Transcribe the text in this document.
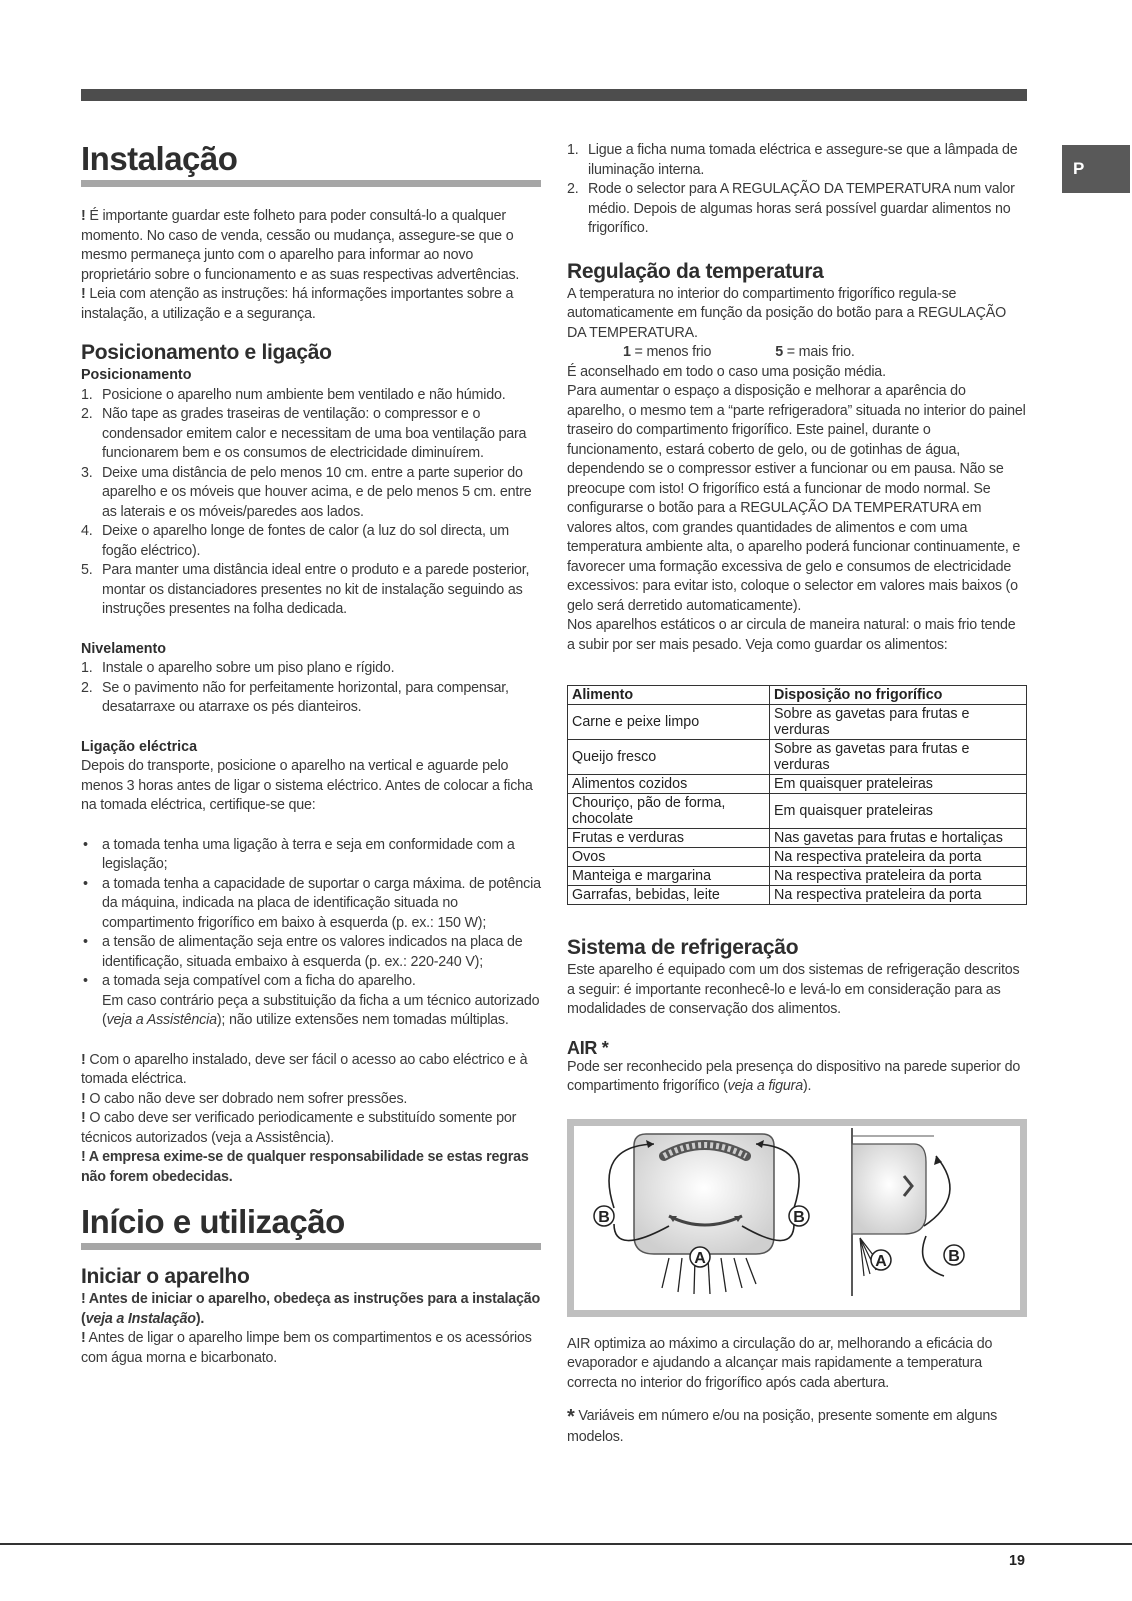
P
Instalação

! É importante guardar este folheto para poder consultá-lo a qualquer momento. No caso de venda, cessão ou mudança, assegure-se que o mesmo permaneça junto com o aparelho para informar ao novo proprietário sobre o funcionamento e as suas respectivas advertências.

! Leia com atenção as instruções: há informações importantes sobre a instalação, a utilização e a segurança.

Posicionamento e ligação
Posicionamento
1. Posicione o aparelho num ambiente bem ventilado e não húmido.
2. Não tape as grades traseiras de ventilação: o compressor e o condensador emitem calor e necessitam de uma boa ventilação para funcionarem bem e os consumos de electricidade diminuírem.
3. Deixe uma distância de pelo menos 10 cm. entre a parte superior do aparelho e os móveis que houver acima, e de pelo menos 5 cm. entre as laterais e os móveis/paredes aos lados.
4. Deixe o aparelho longe de fontes de calor (a luz do sol directa, um fogão eléctrico).
5. Para manter uma distância ideal entre o produto e a parede posterior, montar os distanciadores presentes no kit de instalação seguindo as instruções presentes na folha dedicada.
Nivelamento
1. Instale o aparelho sobre um piso plano e rígido.
2. Se o pavimento não for perfeitamente horizontal, para compensar, desatarraxe ou atarraxe os pés dianteiros.
Ligação eléctrica

Depois do transporte, posicione o aparelho na vertical e aguarde pelo menos 3 horas antes de ligar o sistema eléctrico. Antes de colocar a ficha na tomada eléctrica, certifique-se que:

• a tomada tenha uma ligação à terra e seja em conformidade com a legislação;
• a tomada tenha a capacidade de suportar o carga máxima. de potência da máquina, indicada na placa de identificação situada no compartimento frigorífico em baixo à esquerda (p. ex.: 150 W);
• a tensão de alimentação seja entre os valores indicados na placa de identificação, situada embaixo à esquerda (p. ex.: 220-240 V);
• a tomada seja compatível com a ficha do aparelho.
Em caso contrário peça a substituição da ficha a um técnico autorizado (veja a Assistência); não utilize extensões nem tomadas múltiplas.

! Com o aparelho instalado, deve ser fácil o acesso ao cabo eléctrico e à tomada eléctrica.

! O cabo não deve ser dobrado nem sofrer pressões.

! O cabo deve ser verificado periodicamente e substituído somente por técnicos autorizados (veja a Assistência).

! A empresa exime-se de qualquer responsabilidade se estas regras não forem obedecidas.

Início e utilização
Iniciar o aparelho

! Antes de iniciar o aparelho, obedeça as instruções para a instalação (veja a Instalação).

! Antes de ligar o aparelho limpe bem os compartimentos e os acessórios com água morna e bicarbonato.

1. Ligue a ficha numa tomada eléctrica e assegure-se que a lâmpada de iluminação interna.
2. Rode o selector para A REGULAÇÃO DA TEMPERATURA num valor médio. Depois de algumas horas será possível guardar alimentos no frigorífico.
Regulação da temperatura

A temperatura no interior do compartimento frigorífico regula-se automaticamente em função da posição do botão para a REGULAÇÃO DA TEMPERATURA.

1 = menos frio	5 = mais frio.

É aconselhado em todo o caso uma posição média.

Para aumentar o espaço a disposição e melhorar a aparência do aparelho, o mesmo tem a “parte refrigeradora” situada no interior do painel traseiro do compartimento frigorífico. Este painel, durante o funcionamento, estará coberto de gelo, ou de gotinhas de água, dependendo se o compressor estiver a funcionar ou em pausa. Não se preocupe com isto! O frigorífico está a funcionar de modo normal. Se configurarse o botão para a REGULAÇÃO DA TEMPERATURA em valores altos, com grandes quantidades de alimentos e com uma temperatura ambiente alta, o aparelho poderá funcionar continuamente, e favorecer uma formação excessiva de gelo e consumos de electricidade excessivos: para evitar isto, coloque o selector em valores mais baixos (o gelo será derretido automaticamente).

Nos aparelhos estáticos o ar circula de maneira natural: o mais frio tende a subir por ser mais pesado. Veja como guardar os alimentos:

Alimento	Disposição no frigorífico
Carne e peixe limpo	Sobre as gavetas para frutas e verduras
Queijo fresco	Sobre as gavetas para frutas e verduras
Alimentos cozidos	Em quaisquer prateleiras
Chouriço, pão de forma, chocolate	Em quaisquer prateleiras
Frutas e verduras	Nas gavetas para frutas e hortaliças
Ovos	Na respectiva prateleira da porta
Manteiga e margarina	Na respectiva prateleira da porta
Garrafas, bebidas, leite	Na respectiva prateleira da porta
Sistema de refrigeração

Este aparelho é equipado com um dos sistemas de refrigeração descritos a seguir: é importante reconhecê-lo e levá-lo em consideração para as modalidades de conservação dos alimentos.

AIR *

Pode ser reconhecido pela presença do dispositivo na parede superior do compartimento frigorífico (veja a figura).

B	B
A	A	B

AIR optimiza ao máximo a circulação do ar, melhorando a eficácia do evaporador e ajudando a alcançar mais rapidamente a temperatura correcta no interior do frigorífico após cada abertura.

* Variáveis em número e/ou na posição, presente somente em alguns modelos.

19
